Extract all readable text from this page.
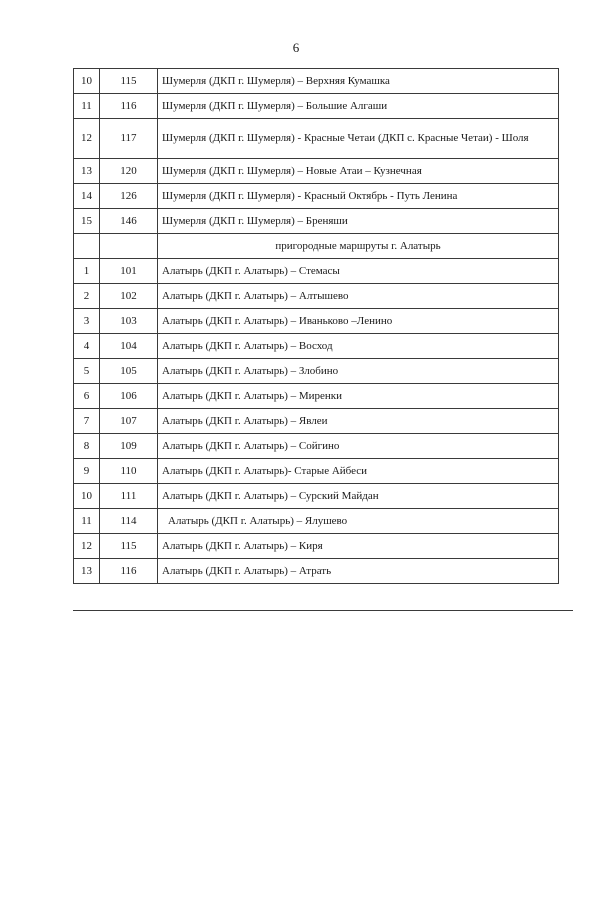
6
10	115	Шумерля (ДКП г. Шумерля) – Верхняя Кумашка
11	116	Шумерля (ДКП г. Шумерля) – Большие Алгаши
12	117	Шумерля (ДКП г. Шумерля) - Красные Четаи (ДКП с. Красные Четаи) - Шоля
13	120	Шумерля (ДКП г. Шумерля) – Новые Атаи – Кузнечная
14	126	Шумерля (ДКП г. Шумерля) - Красный Октябрь - Путь Ленина
15	146	Шумерля (ДКП г. Шумерля) – Бреняши
		пригородные маршруты г. Алатырь
1	101	Алатырь (ДКП г. Алатырь) – Стемасы
2	102	Алатырь (ДКП г. Алатырь) – Алтышево
3	103	Алатырь (ДКП г. Алатырь) – Иваньково –Ленино
4	104	Алатырь (ДКП г. Алатырь) – Восход
5	105	Алатырь (ДКП г. Алатырь) – Злобино
6	106	Алатырь (ДКП г. Алатырь) – Миренки
7	107	Алатырь (ДКП г. Алатырь) – Явлеи
8	109	Алатырь (ДКП г. Алатырь) – Сойгино
9	110	Алатырь (ДКП г. Алатырь)- Старые Айбеси
10	111	Алатырь (ДКП г. Алатырь) – Сурский Майдан
11	114	Алатырь (ДКП г. Алатырь) – Ялушево
12	115	Алатырь (ДКП г. Алатырь) – Киря
13	116	Алатырь (ДКП г. Алатырь) – Атрать
